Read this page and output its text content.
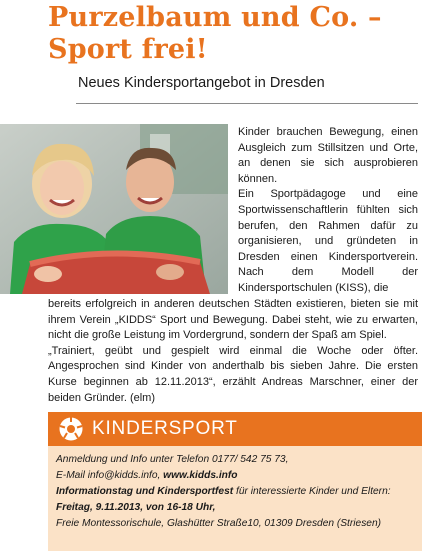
Purzelbaum und Co. –
Sport frei!
Neues Kindersportangebot in Dresden

Kinder brauchen Bewegung, einen Ausgleich zum Stillsitzen und Orte, an denen sie sich ausprobieren können.

Ein Sportpädagoge und eine Sportwissenschaftlerin fühlten sich berufen, den Rahmen dafür zu organisieren, und gründeten in Dresden einen Kindersportverein. Nach dem Modell der Kindersportschulen (KISS), die

bereits erfolgreich in anderen deutschen Städten existieren, bieten sie mit ihrem Verein „KIDDS“ Sport und Bewegung. Dabei steht, wie zu erwarten, nicht die große Leistung im Vordergrund, sondern der Spaß am Spiel.

„Trainiert, geübt und gespielt wird einmal die Woche oder öfter. Angesprochen sind Kinder von anderthalb bis sieben Jahre. Die ersten Kurse beginnen ab 12.11.2013“, erzählt Andreas Marschner, einer der beiden Gründer. (elm)

KINDERSPORT

Anmeldung und Info unter Telefon 0177/ 542 75 73,

E-Mail info@kidds.info, www.kidds.info

Informationstag und Kindersportfest für interessierte Kinder und Eltern:

Freitag, 9.11.2013, von 16-18 Uhr,

Freie Montessorischule, Glashütter Straße10, 01309 Dresden (Striesen)
